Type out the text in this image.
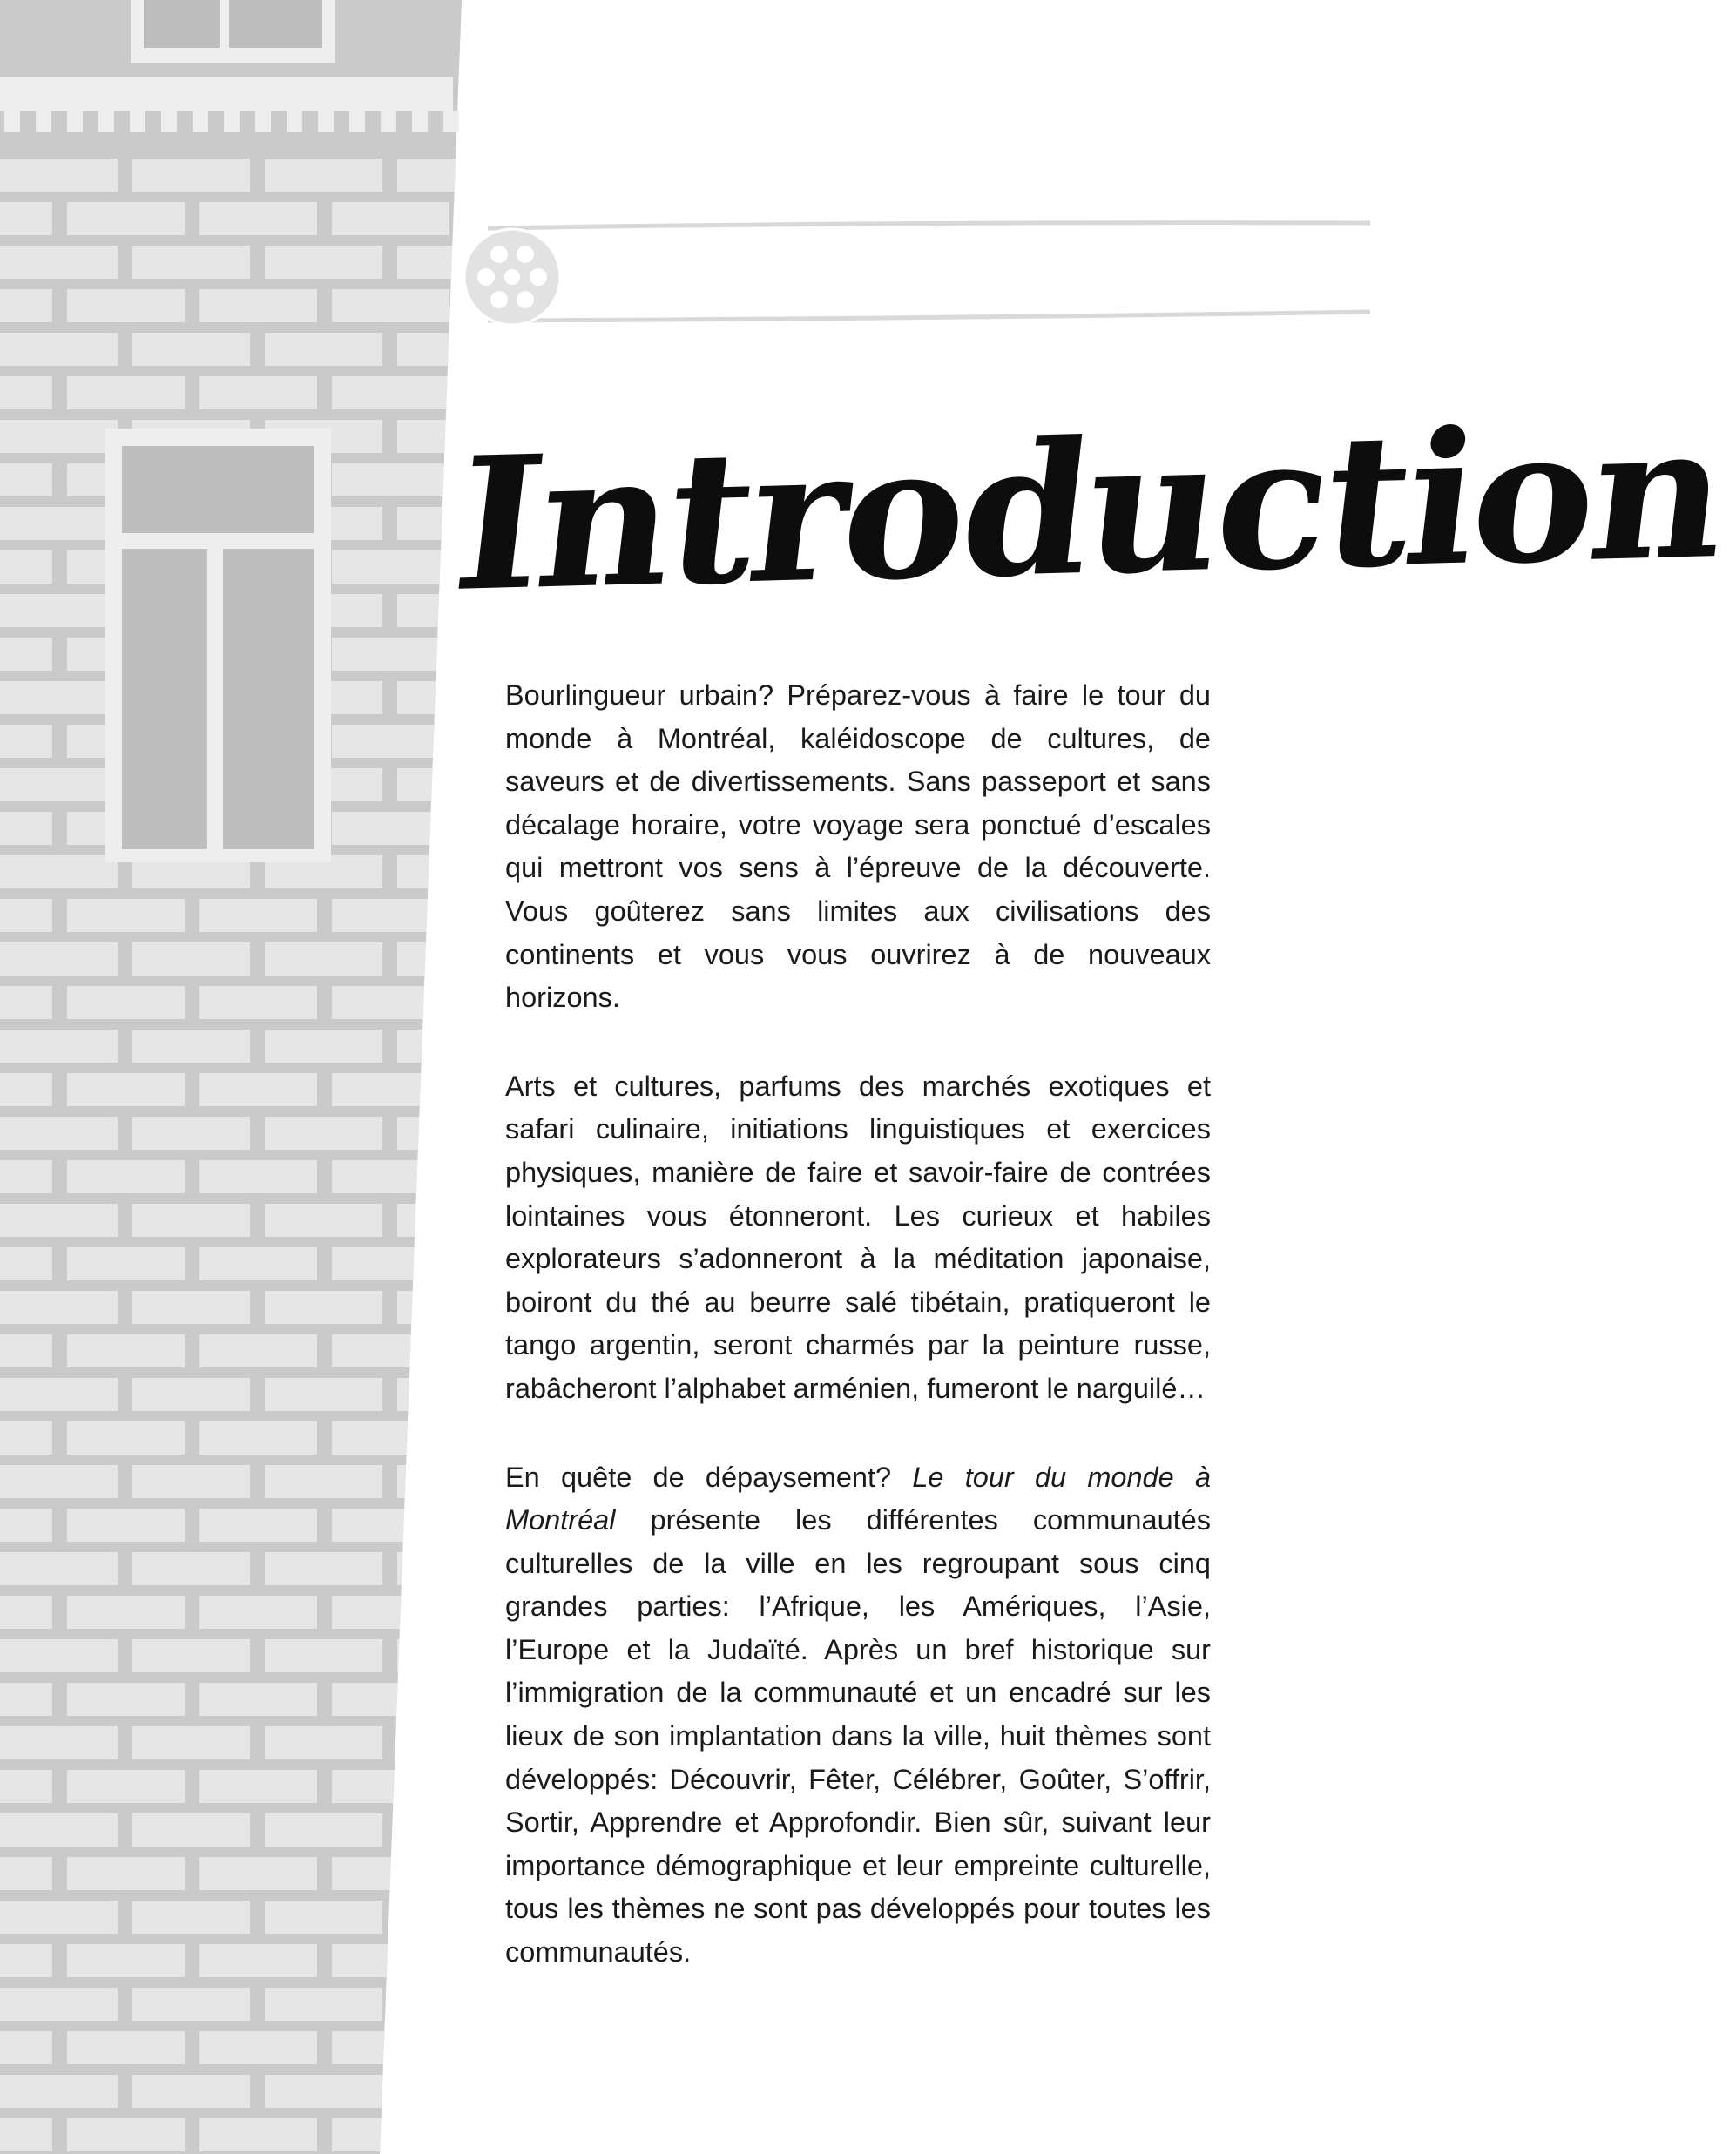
Introduction

Bourlingueur urbain? Préparez-vous à faire le tour du monde à Montréal, kaléidoscope de cultures, de saveurs et de divertissements. Sans passeport et sans décalage horaire, votre voyage sera ponctué d’escales qui mettront vos sens à l’épreuve de la découverte. Vous goûterez sans limites aux civilisations des continents et vous vous ouvrirez à de nouveaux horizons.

Arts et cultures, parfums des marchés exotiques et safari culinaire, initiations linguistiques et exercices physiques, manière de faire et savoir-faire de contrées lointaines vous étonneront. Les curieux et habiles explorateurs s’adonneront à la méditation japonaise, boiront du thé au beurre salé tibétain, pratiqueront le tango argentin, seront charmés par la peinture russe, rabâcheront l’alphabet arménien, fumeront le narguilé…

En quête de dépaysement? Le tour du monde à Montréal présente les différentes communautés culturelles de la ville en les regroupant sous cinq grandes parties: l’Afrique, les Amériques, l’Asie, l’Europe et la Judaïté. Après un bref historique sur l’immigration de la communauté et un encadré sur les lieux de son implantation dans la ville, huit thèmes sont développés: Découvrir, Fêter, Célébrer, Goûter, S’offrir, Sortir, Apprendre et Approfondir. Bien sûr, suivant leur importance démographique et leur empreinte culturelle, tous les thèmes ne sont pas développés pour toutes les communautés.
